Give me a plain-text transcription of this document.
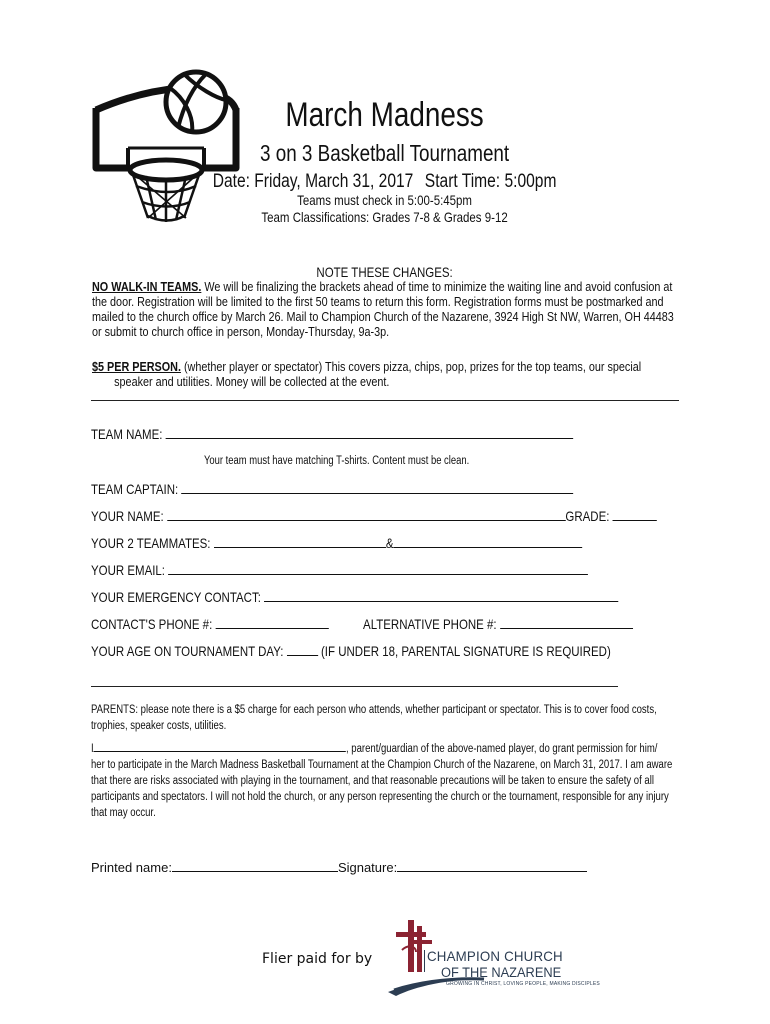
March Madness
3 on 3 Basketball Tournament
Date: Friday, March 31, 2017 Start Time: 5:00pm
Teams must check in 5:00-5:45pm
Team Classifications: Grades 7-8 & Grades 9-12
NOTE THESE CHANGES:
NO WALK-IN TEAMS. We will be finalizing the brackets ahead of time to minimize the waiting line and avoid confusion at the door. Registration will be limited to the first 50 teams to return this form. Registration forms must be postmarked and mailed to the church office by March 26. Mail to Champion Church of the Nazarene, 3924 High St NW, Warren, OH 44483 or submit to church office in person, Monday-Thursday, 9a-3p.
$5 PER PERSON. (whether player or spectator) This covers pizza, chips, pop, prizes for the top teams, our special
speaker and utilities. Money will be collected at the event.
TEAM NAME:
Your team must have matching T-shirts. Content must be clean.
TEAM CAPTAIN:
YOUR NAME:	GRADE:
YOUR 2 TEAMMATES:	&
YOUR EMAIL:
YOUR EMERGENCY CONTACT:
CONTACT'S PHONE #:	ALTERNATIVE PHONE #:
YOUR AGE ON TOURNAMENT DAY:	(IF UNDER 18, PARENTAL SIGNATURE IS REQUIRED)
PARENTS: please note there is a $5 charge for each person who attends, whether participant or spectator. This is to cover food costs, trophies, speaker costs, utilities.
I	, parent/guardian of the above-named player, do grant permission for him/ her to participate in the March Madness Basketball Tournament at the Champion Church of the Nazarene, on March 31, 2017. I am aware that there are risks associated with playing in the tournament, and that reasonable precautions will be taken to ensure the safety of all participants and spectators. I will not hold the church, or any person representing the church or the tournament, responsible for any injury that may occur.
Printed name:	Signature:
Flier paid for by	CHAMPION CHURCH
OF THE NAZARENE
GROWING IN CHRIST, LOVING PEOPLE, MAKING DISCIPLES
